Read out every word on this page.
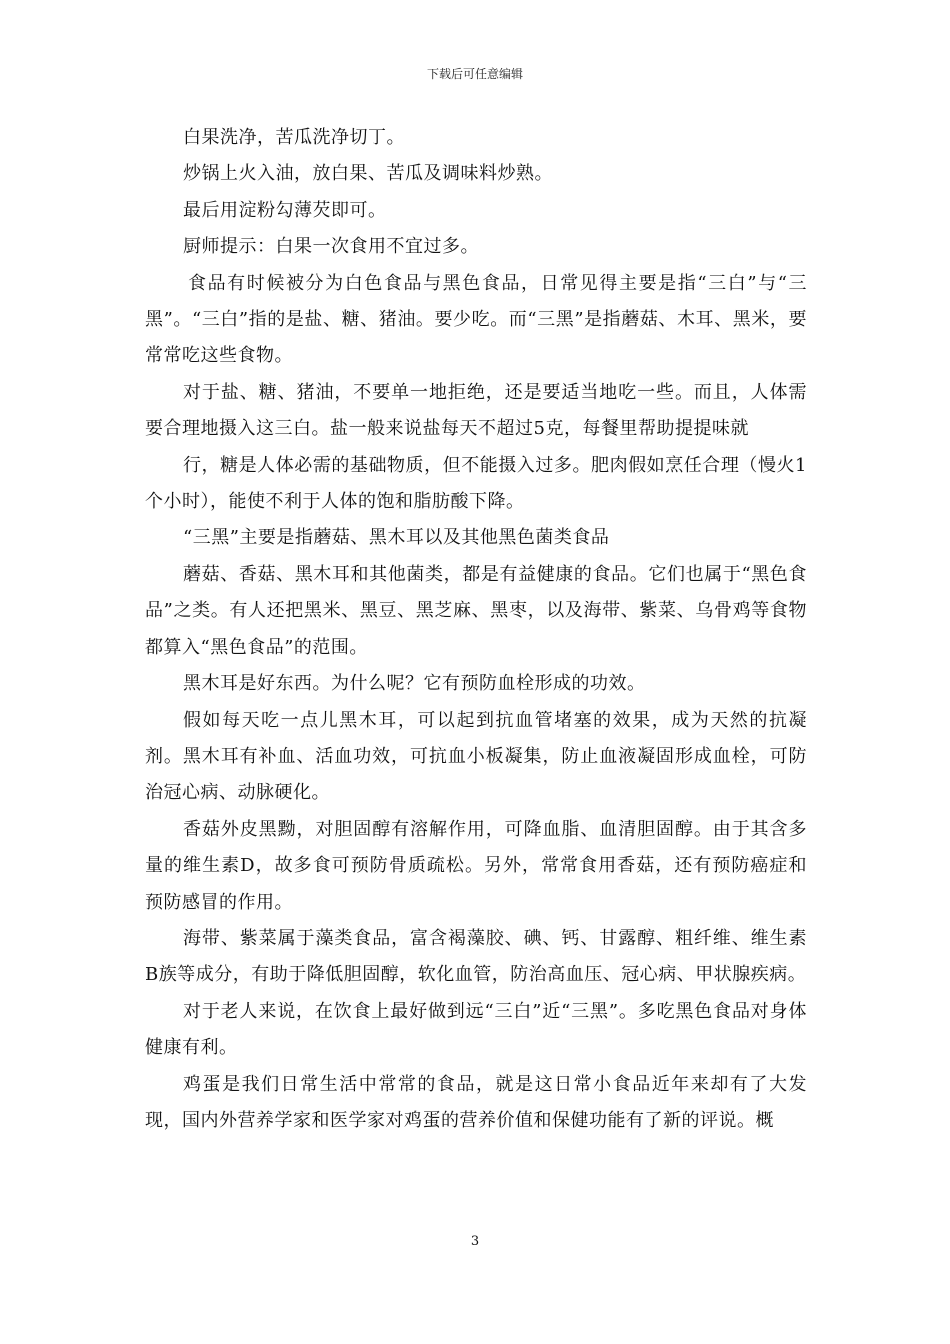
下载后可任意编辑

白果洗净，苦瓜洗净切丁。

炒锅上火入油，放白果、苦瓜及调味料炒熟。

最后用淀粉勾薄芡即可。

厨师提示：白果一次食用不宜过多。

食品有时候被分为白色食品与黑色食品，日常见得主要是指“三白”与“三黑”。“三白”指的是盐、糖、猪油。要少吃。而“三黑”是指蘑菇、木耳、黑米，要常常吃这些食物。

对于盐、糖、猪油，不要单一地拒绝，还是要适当地吃一些。而且，人体需要合理地摄入这三白。盐一般来说盐每天不超过5克，每餐里帮助提提味就

行，糖是人体必需的基础物质，但不能摄入过多。肥肉假如烹任合理（慢火1个小时），能使不利于人体的饱和脂肪酸下降。

“三黑”主要是指蘑菇、黑木耳以及其他黑色菌类食品

蘑菇、香菇、黑木耳和其他菌类，都是有益健康的食品。它们也属于“黑色食品”之类。有人还把黑米、黑豆、黑芝麻、黑枣，以及海带、紫菜、乌骨鸡等食物都算入“黑色食品”的范围。

黑木耳是好东西。为什么呢？它有预防血栓形成的功效。

假如每天吃一点儿黑木耳，可以起到抗血管堵塞的效果，成为天然的抗凝剂。黑木耳有补血、活血功效，可抗血小板凝集，防止血液凝固形成血栓，可防治冠心病、动脉硬化。

香菇外皮黑黝，对胆固醇有溶解作用，可降血脂、血清胆固醇。由于其含多量的维生素D，故多食可预防骨质疏松。另外，常常食用香菇，还有预防癌症和预防感冒的作用。

海带、紫菜属于藻类食品，富含褐藻胶、碘、钙、甘露醇、粗纤维、维生素B族等成分，有助于降低胆固醇，软化血管，防治高血压、冠心病、甲状腺疾病。

对于老人来说，在饮食上最好做到远“三白”近“三黑”。多吃黑色食品对身体健康有利。

鸡蛋是我们日常生活中常常的食品，就是这日常小食品近年来却有了大发现，国内外营养学家和医学家对鸡蛋的营养价值和保健功能有了新的评说。概

3
